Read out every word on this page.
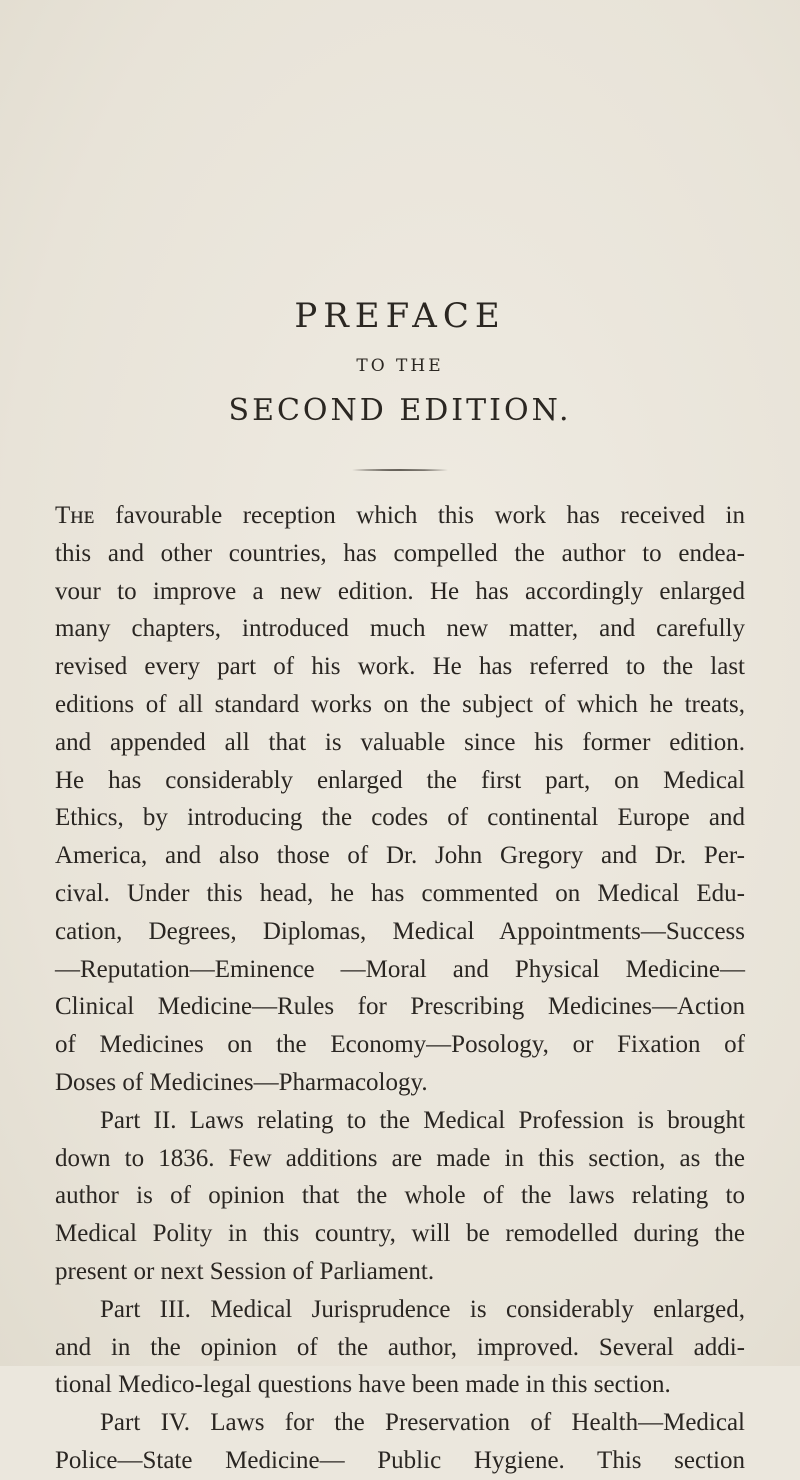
PREFACE
TO THE
SECOND EDITION.
Tʜᴇ favourable reception which this work has received in
this and other countries, has compelled the author to endea-
vour to improve a new edition. He has accordingly enlarged
many chapters, introduced much new matter, and carefully
revised every part of his work. He has referred to the last
editions of all standard works on the subject of which he treats,
and appended all that is valuable since his former edition.
He has considerably enlarged the first part, on Medical
Ethics, by introducing the codes of continental Europe and
America, and also those of Dr. John Gregory and Dr. Per-
cival. Under this head, he has commented on Medical Edu-
cation, Degrees, Diplomas, Medical Appointments—Success
—Reputation—Eminence —Moral and Physical Medicine—
Clinical Medicine—Rules for Prescribing Medicines—Action
of Medicines on the Economy—Posology, or Fixation of
Doses of Medicines—Pharmacology.
Part II. Laws relating to the Medical Profession is brought
down to 1836. Few additions are made in this section, as the
author is of opinion that the whole of the laws relating to
Medical Polity in this country, will be remodelled during the
present or next Session of Parliament.
Part III. Medical Jurisprudence is considerably enlarged,
and in the opinion of the author, improved. Several addi-
tional Medico-legal questions have been made in this section.
Part IV. Laws for the Preservation of Health—Medical
Police—State Medicine— Public Hygiene. This section
